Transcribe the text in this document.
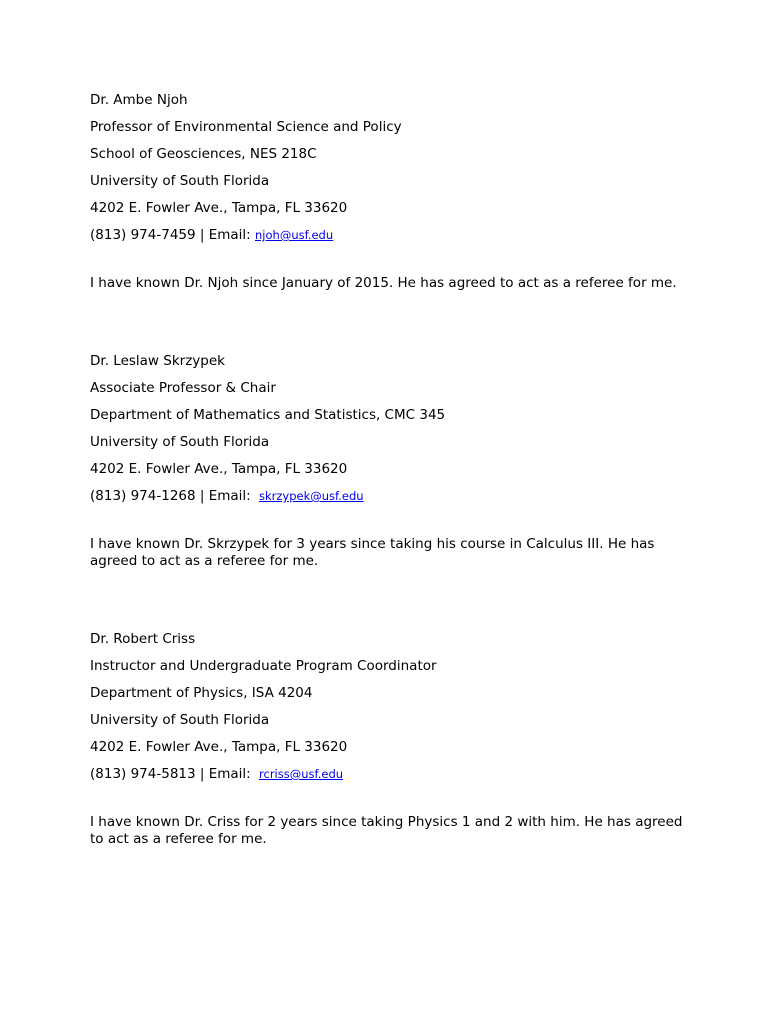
Dr. Ambe Njoh
Professor of Environmental Science and Policy
School of Geosciences, NES 218C
University of South Florida
4202 E. Fowler Ave., Tampa, FL 33620
(813) 974-7459 | Email: njoh@usf.edu
I have known Dr. Njoh since January of 2015. He has agreed to act as a referee for me.
Dr. Leslaw Skrzypek
Associate Professor & Chair
Department of Mathematics and Statistics, CMC 345
University of South Florida
4202 E. Fowler Ave., Tampa, FL 33620
(813) 974-1268 | Email: skrzypek@usf.edu
I have known Dr. Skrzypek for 3 years since taking his course in Calculus III. He has agreed to act as a referee for me.
Dr. Robert Criss
Instructor and Undergraduate Program Coordinator
Department of Physics, ISA 4204
University of South Florida
4202 E. Fowler Ave., Tampa, FL 33620
(813) 974-5813 | Email: rcriss@usf.edu
I have known Dr. Criss for 2 years since taking Physics 1 and 2 with him. He has agreed to act as a referee for me.
